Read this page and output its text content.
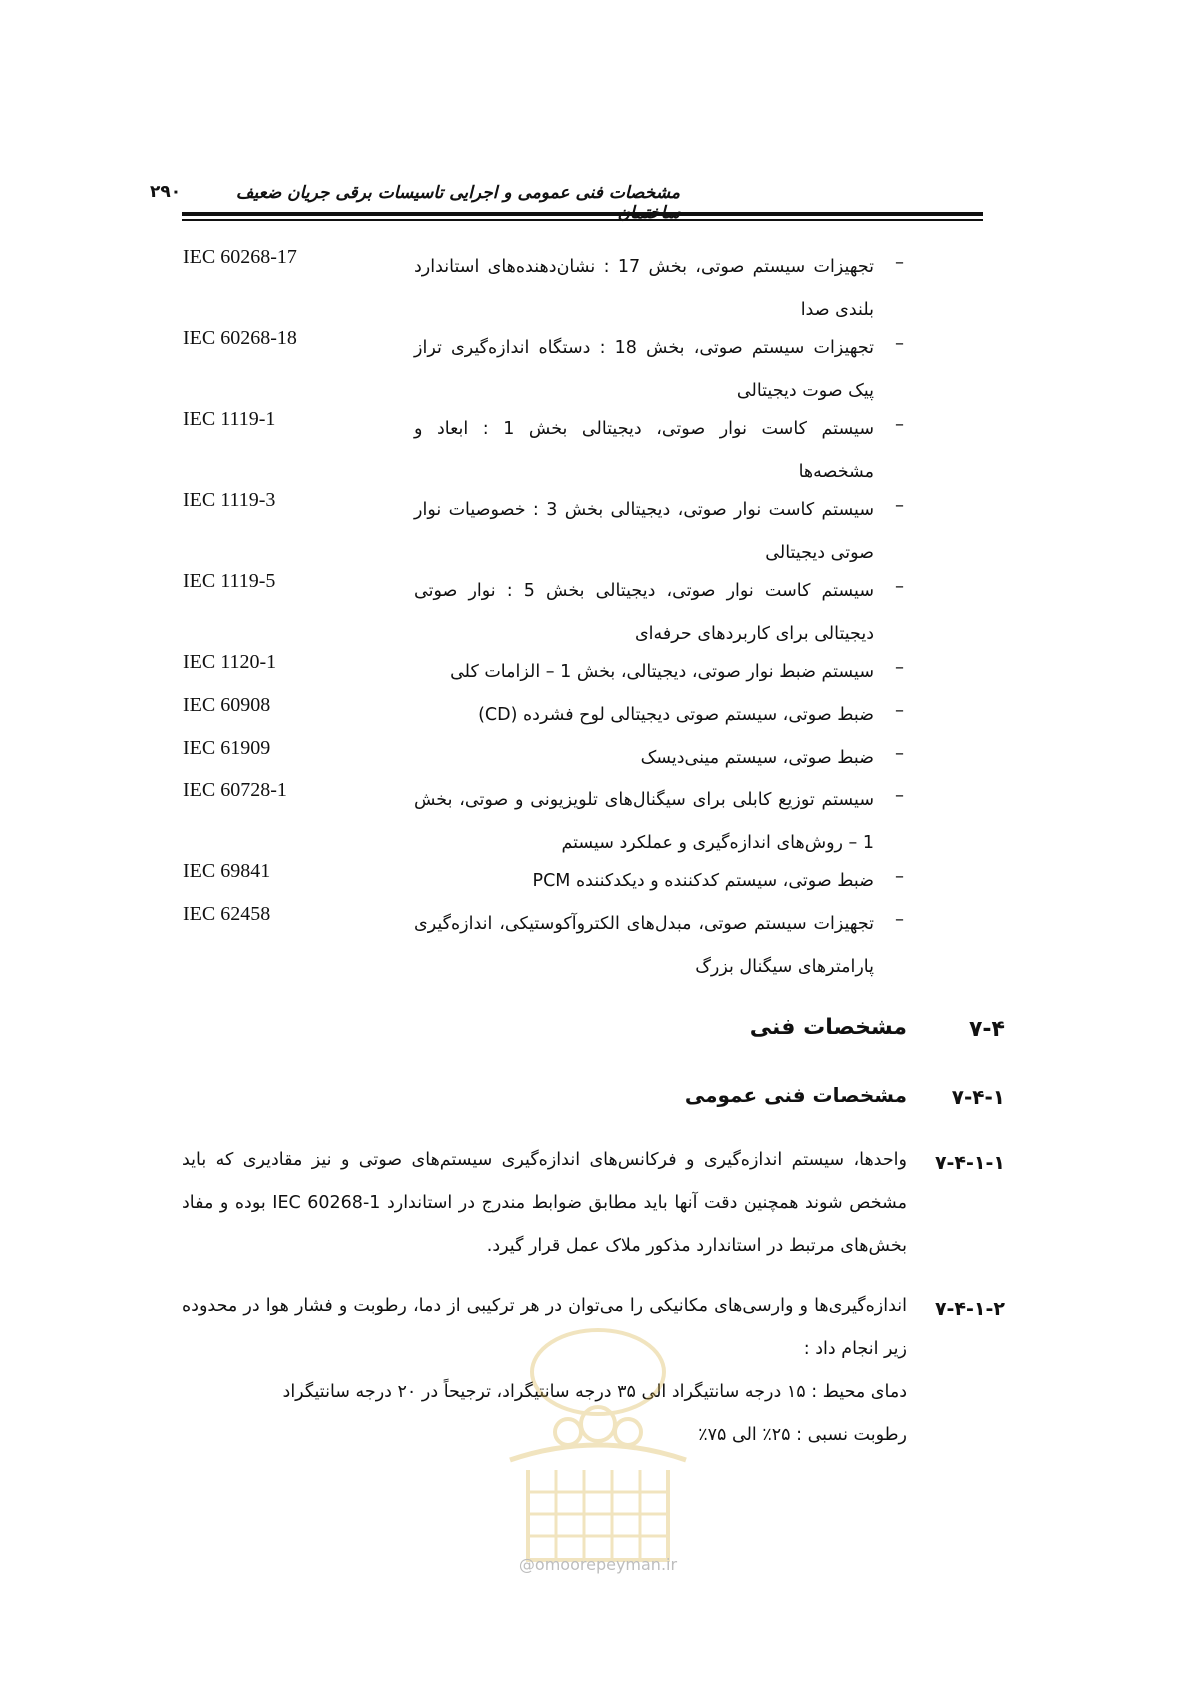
مشخصات فنی عمومی و اجرایی تاسیسات برقی جریان ضعیف
۲۹۰
IEC 60268-17	–
تجهیزات سیستم صوتی، بخش 17 : نشان‌دهنده‌های استاندارد بلندی صدا
IEC 60268-18	–
تجهیزات سیستم صوتی، بخش 18 : دستگاه اندازه‌گیری تراز پیک صوت دیجیتالی
IEC 1119-1	–
سیستم کاست نوار صوتی، دیجیتالی بخش 1 : ابعاد و مشخصه‌ها
IEC 1119-3	–
سیستم کاست نوار صوتی، دیجیتالی بخش 3 : خصوصیات نوار صوتی دیجیتالی
IEC 1119-5	–
سیستم کاست نوار صوتی، دیجیتالی بخش 5 : نوار صوتی دیجیتالی برای کاربردهای حرفه‌ای
IEC 1120-1	–
سیستم ضبط نوار صوتی، دیجیتالی، بخش 1 – الزامات کلی
IEC 60908	–
ضبط صوتی، سیستم صوتی دیجیتالی لوح فشرده (CD)
IEC 61909	–
ضبط صوتی، سیستم مینی‌دیسک
IEC 60728-1	–
سیستم توزیع کابلی برای سیگنال‌های تلویزیونی و صوتی، بخش 1 – روش‌های اندازه‌گیری و عملکرد سیستم
IEC 69841	–
ضبط صوتی، سیستم کدکننده و دیکدکننده PCM
IEC 62458	–
تجهیزات سیستم صوتی، مبدل‌های الکتروآکوستیکی، اندازه‌گیری پارامترهای سیگنال بزرگ
۷-۴
مشخصات فنی
۷-۴-۱
مشخصات فنی عمومی
۷-۴-۱-۱
واحدها، سیستم اندازه‌گیری و فرکانس‌های اندازه‌گیری سیستم‌های صوتی و نیز مقادیری که باید مشخص شوند همچنین دقت آنها باید مطابق ضوابط مندرج در استاندارد IEC 60268-1 بوده و مفاد بخش‌های مرتبط در استاندارد مذکور ملاک عمل قرار گیرد.
۷-۴-۱-۲
اندازه‌گیری‌ها و وارسی‌های مکانیکی را می‌توان در هر ترکیبی از دما، رطوبت و فشار هوا در محدوده زیر انجام داد :
دمای محیط : ۱۵ درجه سانتیگراد الی ۳۵ درجه سانتیگراد، ترجیحاً در ۲۰ درجه سانتیگراد
رطوبت نسبی : ۲۵٪ الی ۷۵٪
@omoorepeyman.ir
